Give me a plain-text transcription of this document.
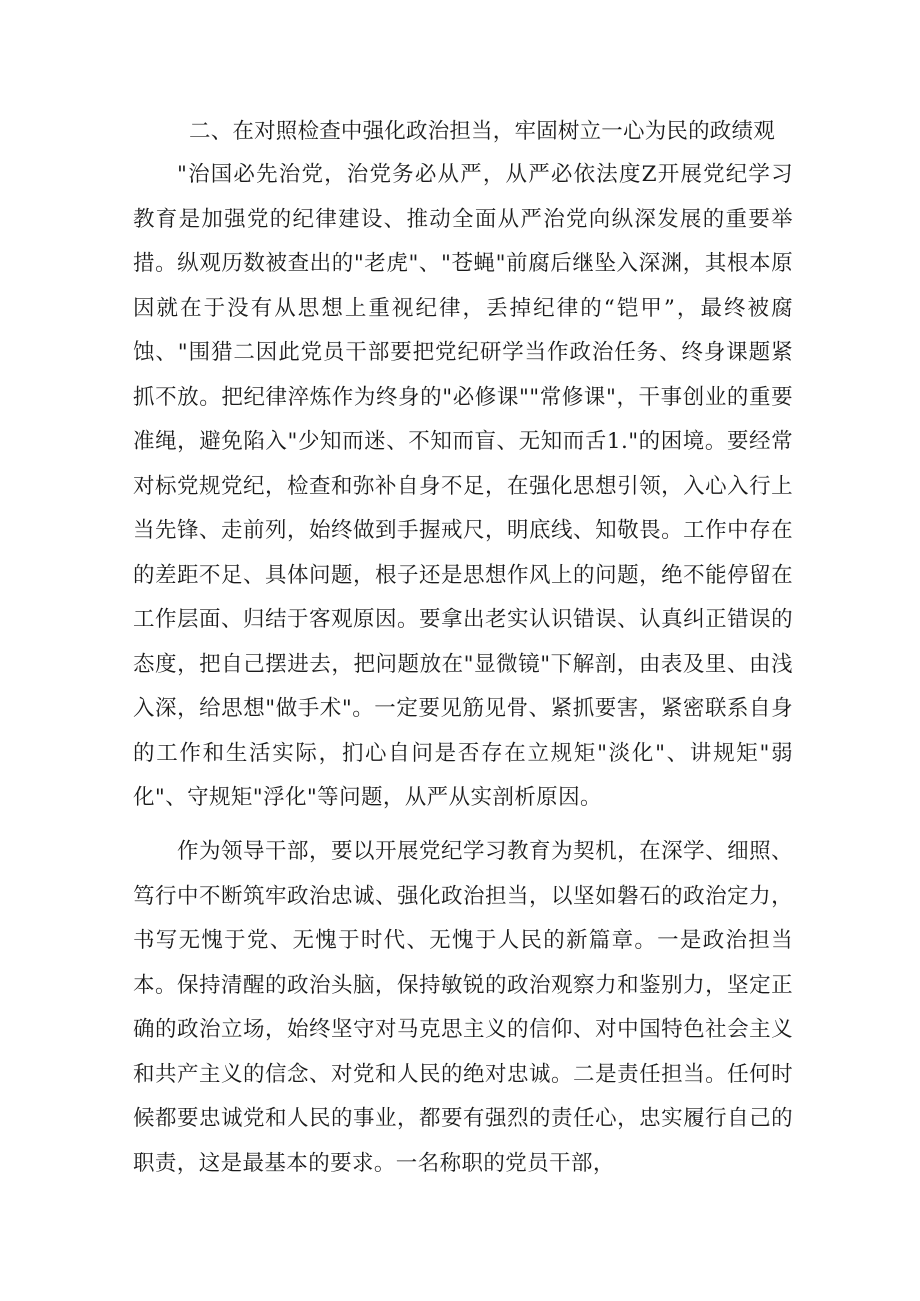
二、在对照检查中强化政治担当，牢固树立一心为民的政绩观
"治国必先治党，治党务必从严，从严必依法度Z开展党纪学习教育是加强党的纪律建设、推动全面从严治党向纵深发展的重要举措。纵观历数被查出的"老虎"、"苍蝇"前腐后继坠入深渊，其根本原因就在于没有从思想上重视纪律，丢掉纪律的“铠甲”，最终被腐蚀、"围猎二因此党员干部要把党纪研学当作政治任务、终身课题紧抓不放。把纪律淬炼作为终身的"必修课""常修课"，干事创业的重要准绳，避免陷入"少知而迷、不知而盲、无知而舌1."的困境。要经常对标党规党纪，检查和弥补自身不足，在强化思想引领，入心入行上当先锋、走前列，始终做到手握戒尺，明底线、知敬畏。工作中存在的差距不足、具体问题，根子还是思想作风上的问题，绝不能停留在工作层面、归结于客观原因。要拿出老实认识错误、认真纠正错误的态度，把自己摆进去，把问题放在"显微镜"下解剖，由表及里、由浅入深，给思想"做手术"。一定要见筋见骨、紧抓要害，紧密联系自身的工作和生活实际，扪心自问是否存在立规矩"淡化"、讲规矩"弱化"、守规矩"浮化"等问题，从严从实剖析原因。
作为领导干部，要以开展党纪学习教育为契机，在深学、细照、笃行中不断筑牢政治忠诚、强化政治担当，以坚如磐石的政治定力，书写无愧于党、无愧于时代、无愧于人民的新篇章。一是政治担当本。保持清醒的政治头脑，保持敏锐的政治观察力和鉴别力，坚定正确的政治立场，始终坚守对马克思主义的信仰、对中国特色社会主义和共产主义的信念、对党和人民的绝对忠诚。二是责任担当。任何时候都要忠诚党和人民的事业，都要有强烈的责任心，忠实履行自己的职责，这是最基本的要求。一名称职的党员干部，
